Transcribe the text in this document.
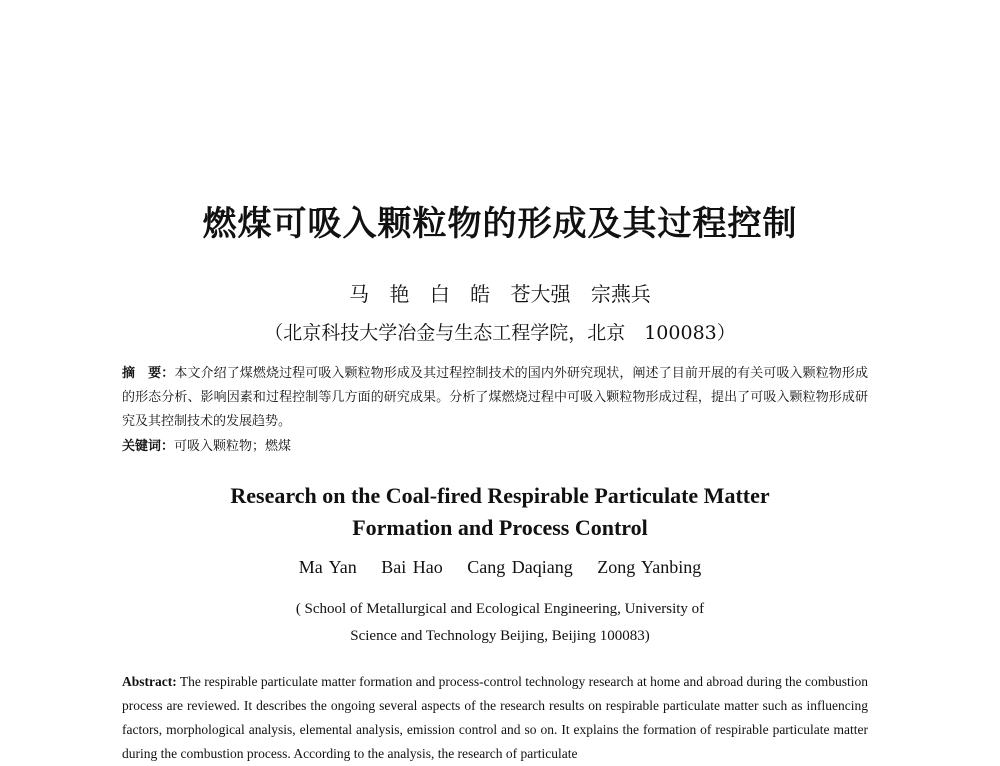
燃煤可吸入颗粒物的形成及其过程控制
马 艳 白 皓 苍大强 宗燕兵
（北京科技大学冶金与生态工程学院，北京　100083）
摘　要：本文介绍了煤燃烧过程可吸入颗粒物形成及其过程控制技术的国内外研究现状，阐述了目前开展的有关可吸入颗粒物形成的形态分析、影响因素和过程控制等几方面的研究成果。分析了煤燃烧过程中可吸入颗粒物形成过程，提出了可吸入颗粒物形成研究及其控制技术的发展趋势。
关键词：可吸入颗粒物；燃煤
Research on the Coal-fired Respirable Particulate Matter
Formation and Process Control
Ma Yan Bai Hao Cang Daqiang Zong Yanbing
( School of Metallurgical and Ecological Engineering, University of
Science and Technology Beijing, Beijing 100083)
Abstract: The respirable particulate matter formation and process-control technology research at home and abroad during the combustion process are reviewed. It describes the ongoing several aspects of the research results on respirable particulate matter such as influencing factors, morphological analysis, elemental analysis, emission control and so on. It explains the formation of respirable particulate matter during the combustion process. According to the analysis, the research of particulate
